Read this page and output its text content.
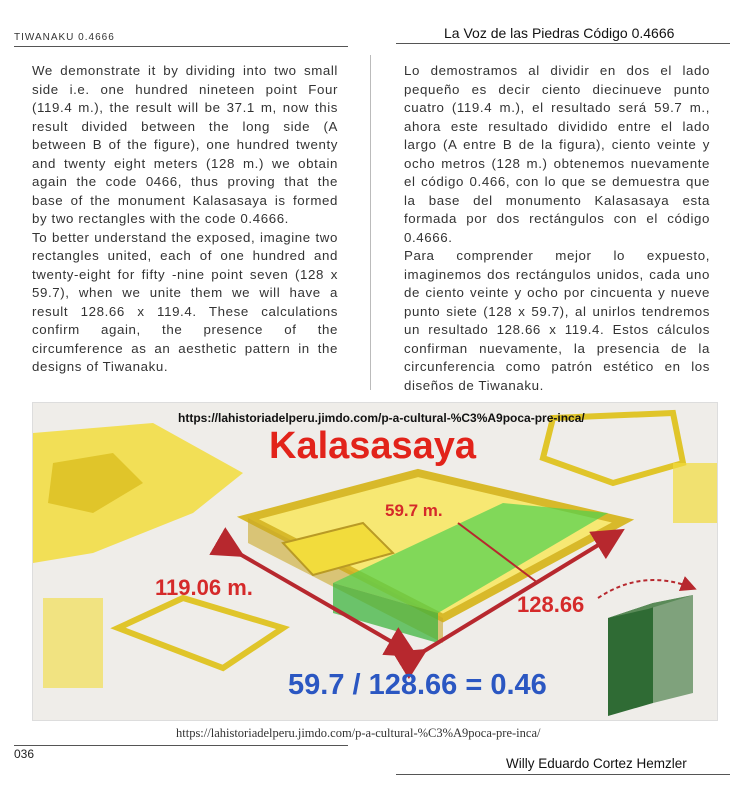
TIWANAKU 0.4666	La Voz de las Piedras Código 0.4666

We demonstrate it by dividing into two small side i.e. one hundred nineteen point Four (119.4 m.), the result will be 37.1 m, now this result divided between the long side (A between B of the figure), one hundred twenty and twenty eight meters (128 m.) we obtain again the code 0466, thus proving that the base of the monument Kalasasaya is formed by two rectangles with the code 0.4666.

To better understand the exposed, imagine two rectangles united, each of one hundred and twenty-eight for fifty -nine point seven (128 x 59.7), when we unite them we will have a result 128.66 x 119.4. These calculations confirm again, the presence of the circumference as an aesthetic pattern in the designs of Tiwanaku.

Lo demostramos al dividir en dos el lado pequeño es decir ciento diecinueve punto cuatro (119.4 m.), el resultado será 59.7 m., ahora este resultado dividido entre el lado largo (A entre B de la figura), ciento veinte y ocho metros (128 m.) obtenemos nuevamente el código 0.466, con lo que se demuestra que la base del monumento Kalasasaya esta formada por dos rectángulos con el código 0.4666.

Para comprender mejor lo expuesto, imaginemos dos rectángulos unidos, cada uno de ciento veinte y ocho por cincuenta y nueve punto siete (128 x 59.7), al unirlos tendremos un resultado 128.66 x 119.4. Estos cálculos confirman nuevamente, la presencia de la circunferencia como patrón estético en los diseños de Tiwanaku.

https://lahistoriadelperu.jimdo.com/p-a-cultural-%C3%A9poca-pre-inca/
Kalasasaya
59.7 m.
119.06 m.
128.66
59.7 / 128.66 = 0.46
https://lahistoriadelperu.jimdo.com/p-a-cultural-%C3%A9poca-pre-inca/
036
Willy Eduardo Cortez Hemzler
